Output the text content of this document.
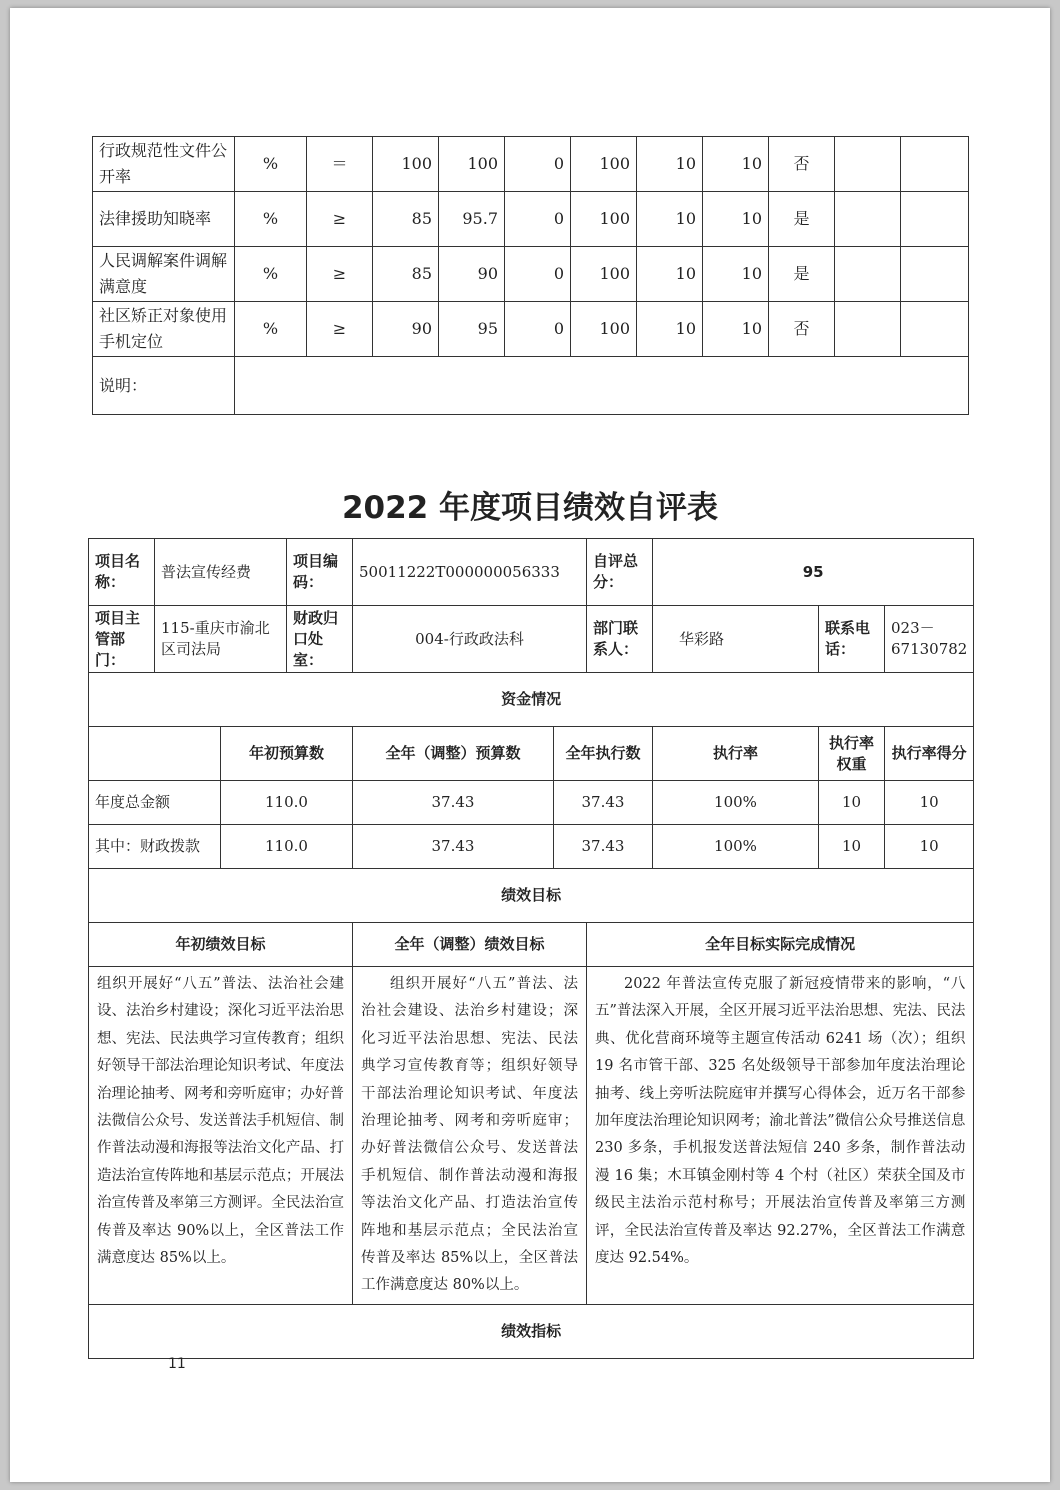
行政规范性文件公开率	%	＝	100	100	0	100	10	10	否		
法律援助知晓率	%	≥	85	95.7	0	100	10	10	是		
人民调解案件调解满意度	%	≥	85	90	0	100	10	10	是		
社区矫正对象使用手机定位	%	≥	90	95	0	100	10	10	否		
说明：											
2022 年度项目绩效自评表
项目名称：	普法宣传经费		项目编码：	50011222T000000056333		自评总分：	95		
项目主管部门：	115-重庆市渝北区司法局		财政归口处室：	004-行政政法科		部门联系人：	华彩路	联系电话：	023－67130782
资金情况									
		年初预算数		全年（调整）预算数	全年执行数		执行率	执行率权重	执行率得分
年度总金额		110.0		37.43	37.43		100%	10	10
其中：财政拨款		110.0		37.43	37.43		100%	10	10
绩效目标									
年初绩效目标				全年（调整）绩效目标		全年目标实际完成情况			
组织开展好“八五”普法、法治社会建设、法治乡村建设；深化习近平法治思想、宪法、民法典学习宣传教育；组织好领导干部法治理论知识考试、年度法治理论抽考、网考和旁听庭审；办好普法微信公众号、发送普法手机短信、制作普法动漫和海报等法治文化产品、打造法治宣传阵地和基层示范点；开展法治宣传普及率第三方测评。全民法治宣传普及率达 90%以上，全区普法工作满意度达 85%以上。				组织开展好“八五”普法、法治社会建设、法治乡村建设；深化习近平法治思想、宪法、民法典学习宣传教育等；组织好领导干部法治理论知识考试、年度法治理论抽考、网考和旁听庭审；办好普法微信公众号、发送普法手机短信、制作普法动漫和海报等法治文化产品、打造法治宣传阵地和基层示范点；全民法治宣传普及率达 85%以上，全区普法工作满意度达 80%以上。		2022 年普法宣传克服了新冠疫情带来的影响，“八五”普法深入开展，全区开展习近平法治思想、宪法、民法典、优化营商环境等主题宣传活动 6241 场（次）；组织 19 名市管干部、325 名处级领导干部参加年度法治理论抽考、线上旁听法院庭审并撰写心得体会，近万名干部参加年度法治理论知识网考；渝北普法”微信公众号推送信息 230 多条，手机报发送普法短信 240 多条，制作普法动漫 16 集；木耳镇金刚村等 4 个村（社区）荣获全国及市级民主法治示范村称号；开展法治宣传普及率第三方测评，全民法治宣传普及率达 92.27%，全区普法工作满意度达 92.54%。			
绩效指标									
11
